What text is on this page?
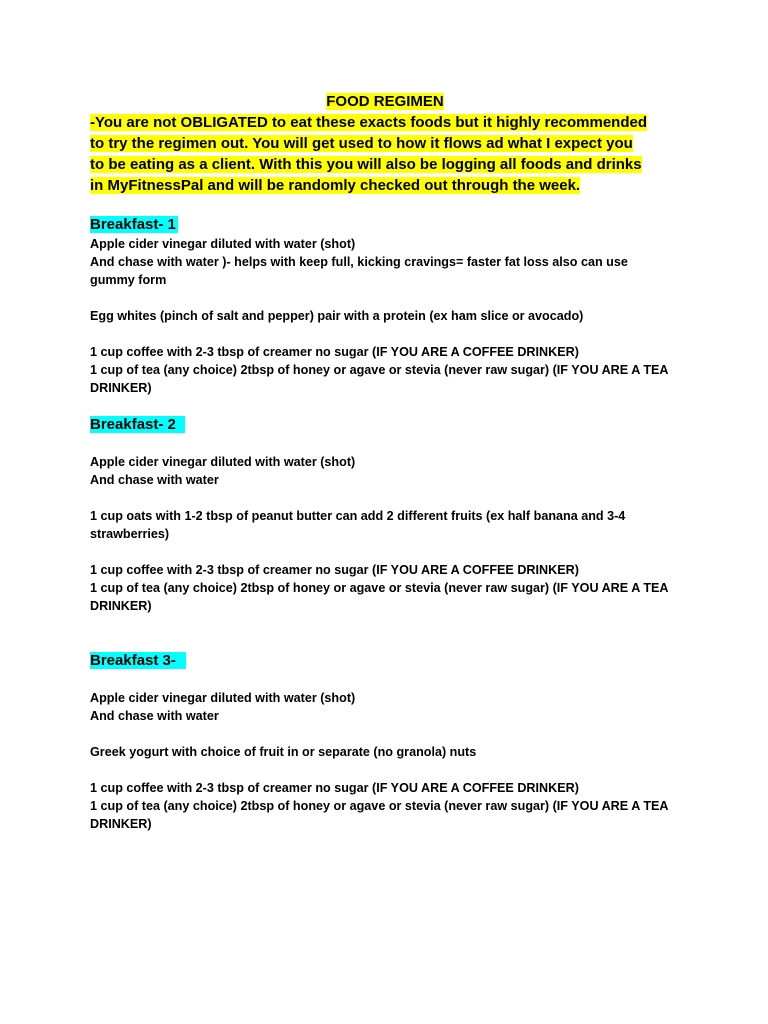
FOOD REGIMEN

-You are not OBLIGATED to eat these exacts foods but it highly recommended to try the regimen out. You will get used to how it flows ad what I expect you to be eating as a client. With this you will also be logging all foods and drinks in MyFitnessPal and will be randomly checked out through the week.

Breakfast- 1

Apple cider vinegar diluted with water (shot)

And chase with water )- helps with keep full, kicking cravings= faster fat loss also can use gummy form

Egg whites (pinch of salt and pepper) pair with a protein (ex ham slice or avocado)

1 cup coffee with 2-3 tbsp of creamer no sugar (IF YOU ARE A COFFEE DRINKER)

1 cup of tea (any choice) 2tbsp of honey or agave or stevia (never raw sugar) (IF YOU ARE A TEA DRINKER)

Breakfast- 2

Apple cider vinegar diluted with water (shot)

And chase with water

1 cup oats with 1-2 tbsp of peanut butter can add 2 different fruits (ex half banana and 3-4 strawberries)

1 cup coffee with 2-3 tbsp of creamer no sugar (IF YOU ARE A COFFEE DRINKER)

1 cup of tea (any choice) 2tbsp of honey or agave or stevia (never raw sugar) (IF YOU ARE A TEA DRINKER)

Breakfast 3-

Apple cider vinegar diluted with water (shot)

And chase with water

Greek yogurt with choice of fruit in or separate (no granola) nuts

1 cup coffee with 2-3 tbsp of creamer no sugar (IF YOU ARE A COFFEE DRINKER)

1 cup of tea (any choice) 2tbsp of honey or agave or stevia (never raw sugar) (IF YOU ARE A TEA DRINKER)
